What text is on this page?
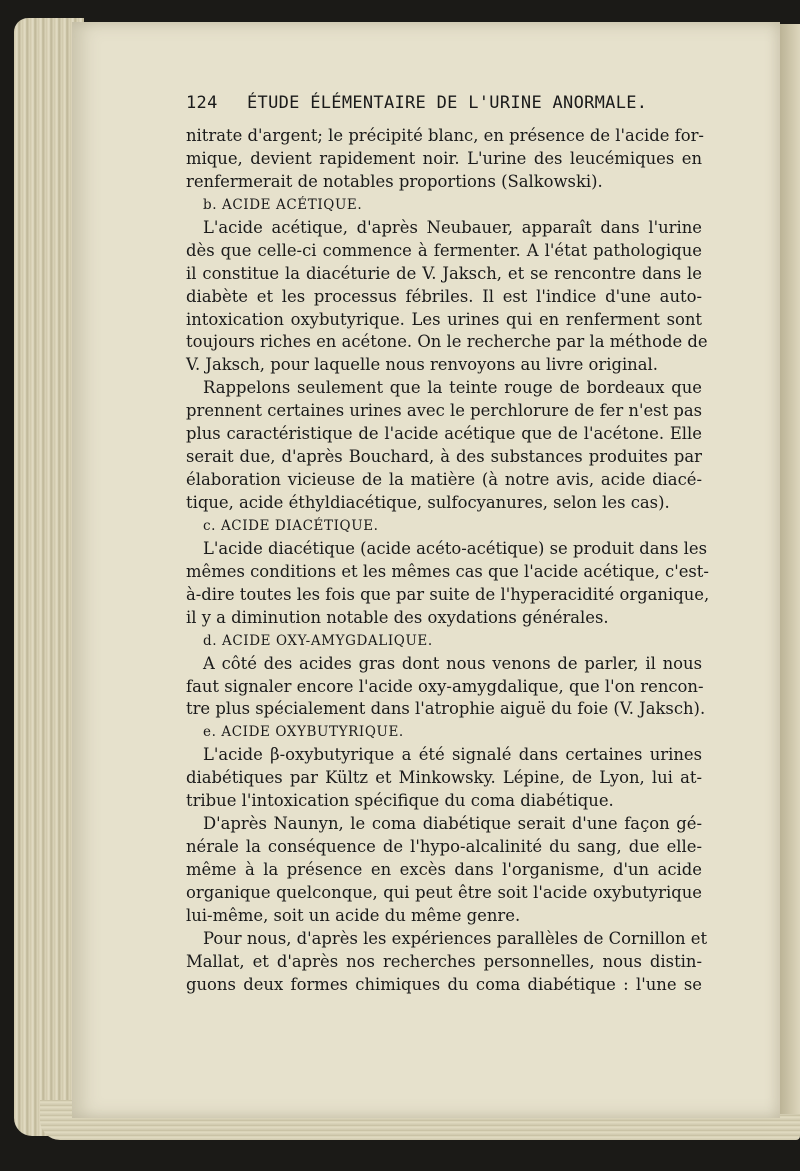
124 ÉTUDE ÉLÉMENTAIRE DE L'URINE ANORMALE.
nitrate d'argent; le précipité blanc, en présence de l'acide for-
mique, devient rapidement noir. L'urine des leucémiques en
renfermerait de notables proportions (Salkowski).
b. ACIDE ACÉTIQUE.
L'acide acétique, d'après Neubauer, apparaît dans l'urine
dès que celle-ci commence à fermenter. A l'état pathologique
il constitue la diacéturie de V. Jaksch, et se rencontre dans le
diabète et les processus fébriles. Il est l'indice d'une auto-
intoxication oxybutyrique. Les urines qui en renferment sont
toujours riches en acétone. On le recherche par la méthode de
V. Jaksch, pour laquelle nous renvoyons au livre original.
Rappelons seulement que la teinte rouge de bordeaux que
prennent certaines urines avec le perchlorure de fer n'est pas
plus caractéristique de l'acide acétique que de l'acétone. Elle
serait due, d'après Bouchard, à des substances produites par
élaboration vicieuse de la matière (à notre avis, acide diacé-
tique, acide éthyldiacétique, sulfocyanures, selon les cas).
c. ACIDE DIACÉTIQUE.
L'acide diacétique (acide acéto-acétique) se produit dans les
mêmes conditions et les mêmes cas que l'acide acétique, c'est-
à-dire toutes les fois que par suite de l'hyperacidité organique,
il y a diminution notable des oxydations générales.
d. ACIDE OXY-AMYGDALIQUE.
A côté des acides gras dont nous venons de parler, il nous
faut signaler encore l'acide oxy-amygdalique, que l'on rencon-
tre plus spécialement dans l'atrophie aiguë du foie (V. Jaksch).
e. ACIDE OXYBUTYRIQUE.
L'acide β-oxybutyrique a été signalé dans certaines urines
diabétiques par Kültz et Minkowsky. Lépine, de Lyon, lui at-
tribue l'intoxication spécifique du coma diabétique.
D'après Naunyn, le coma diabétique serait d'une façon gé-
nérale la conséquence de l'hypo-alcalinité du sang, due elle-
même à la présence en excès dans l'organisme, d'un acide
organique quelconque, qui peut être soit l'acide oxybutyrique
lui-même, soit un acide du même genre.
Pour nous, d'après les expériences parallèles de Cornillon et
Mallat, et d'après nos recherches personnelles, nous distin-
guons deux formes chimiques du coma diabétique : l'une se
